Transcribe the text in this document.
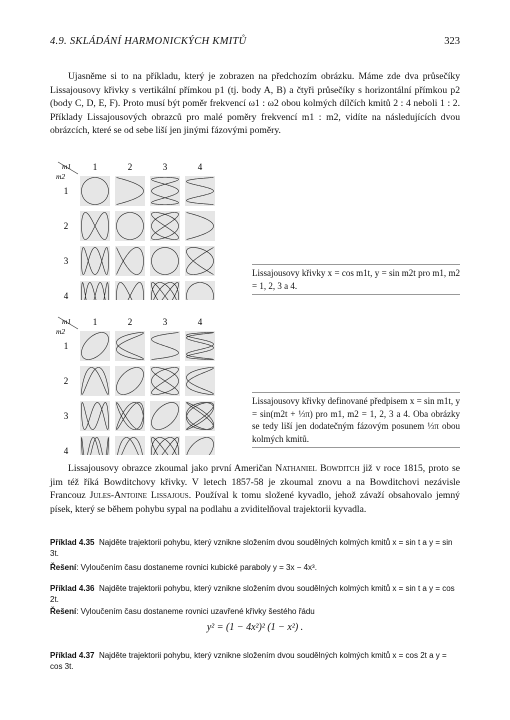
4.9. SKLÁDÁNÍ HARMONICKÝCH KMITŮ	323

Ujasněme si to na příkladu, který je zobrazen na předchozím obrázku. Máme zde dva průsečíky Lissajousovy křivky s vertikální přímkou p1 (tj. body A, B) a čtyři průsečíky s horizontální přímkou p2 (body C, D, E, F). Proto musí být poměr frekvencí ω1 : ω2 obou kolmých dílčích kmitů 2 : 4 neboli 1 : 2. Příklady Lissajousových obrazců pro malé poměry frekvencí m1 : m2, vidíte na následujících dvou obrázcích, které se od sebe liší jen jinými fázovými poměry.

m1
m2
1	2	3	4
1
2
3
4
Lissajousovy křivky x = cos m1t, y = sin m2t pro m1, m2 = 1, 2, 3 a 4.
m1
m2
1	2	3	4
1
2
3
4
Lissajousovy křivky definované předpisem x = sin m1t, y = sin(m2t + ⅓π) pro m1, m2 = 1, 2, 3 a 4. Oba obrázky se tedy liší jen dodatečným fázovým posunem ⅓π obou kolmých kmitů.

Lissajousovy obrazce zkoumal jako první Američan Nathaniel Bowditch již v roce 1815, proto se jim též říká Bowditchovy křivky. V letech 1857-58 je zkoumal znovu a na Bowditchovi nezávisle Francouz Jules-Antoine Lissajous. Používal k tomu složené kyvadlo, jehož závaží obsahovalo jemný písek, který se během pohybu sypal na podlahu a zviditelňoval trajektorii kyvadla.

Příklad 4.35 Najděte trajektorii pohybu, který vznikne složením dvou soudělných kolmých kmitů x = sin t a y = sin 3t.

Řešení: Vyloučením času dostaneme rovnici kubické paraboly y = 3x − 4x³.

Příklad 4.36 Najděte trajektorii pohybu, který vznikne složením dvou soudělných kolmých kmitů x = sin t a y = cos 2t.

Řešení: Vyloučením času dostaneme rovnici uzavřené křivky šestého řádu

y² = (1 − 4x²)² (1 − x²) .

Příklad 4.37 Najděte trajektorii pohybu, který vznikne složením dvou soudělných kolmých kmitů x = cos 2t a y = cos 3t.
